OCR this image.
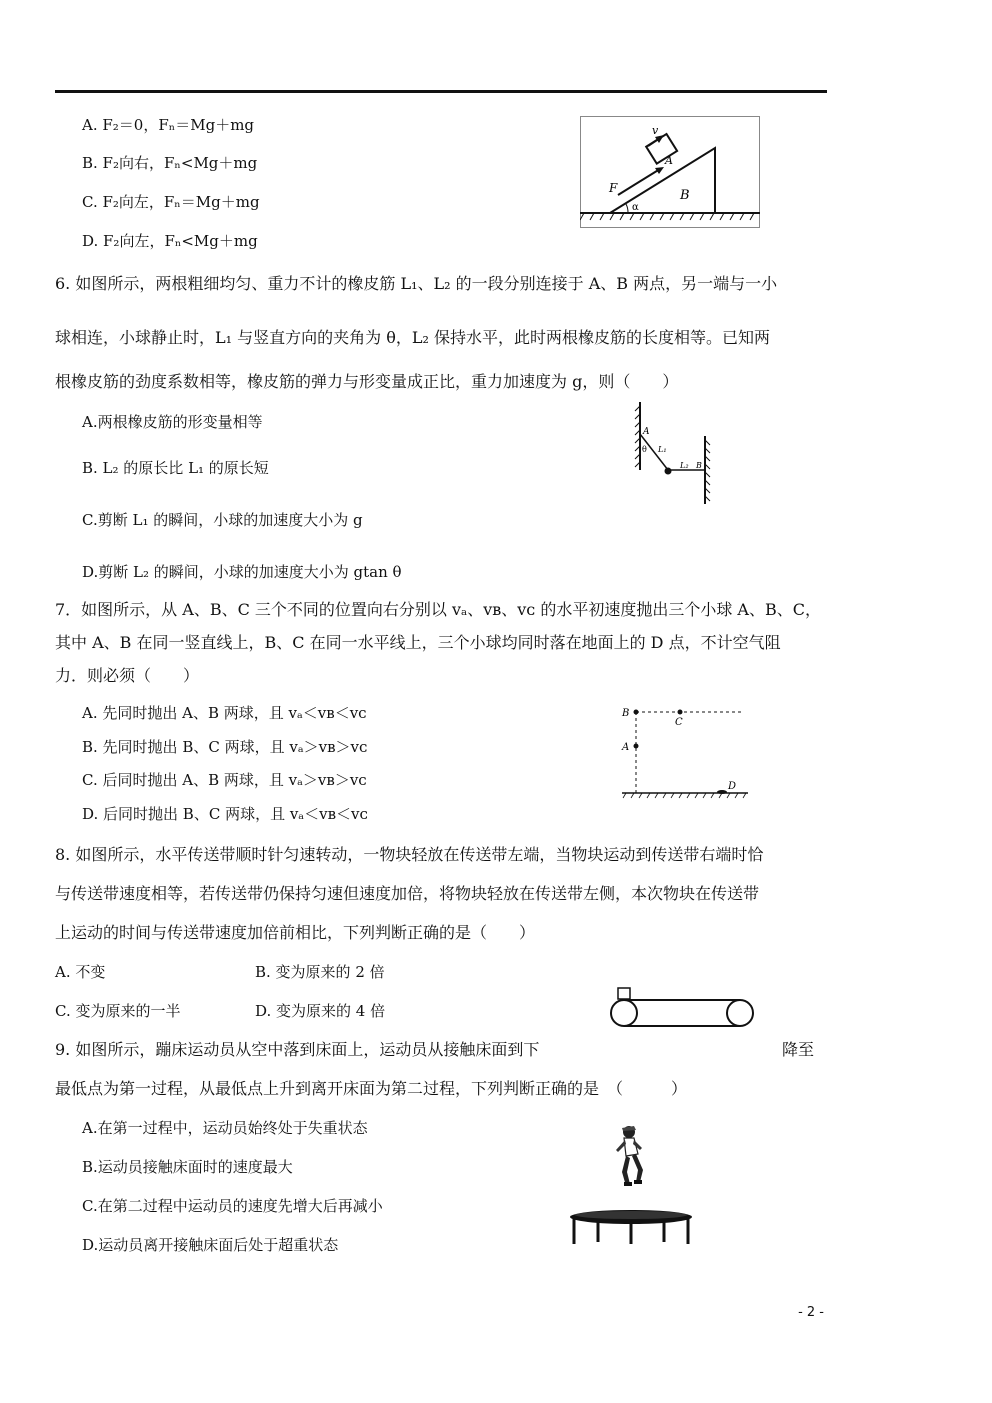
A. F₂＝0，Fₙ＝Mg＋mg
B. F₂向右，Fₙ<Mg＋mg
C. F₂向左，Fₙ＝Mg＋mg
D. F₂向左，Fₙ<Mg＋mg
v
F
A
B
α
6. 如图所示，两根粗细均匀、重力不计的橡皮筋 L₁、L₂ 的一段分别连接于 A、B 两点，另一端与一小
球相连，小球静止时，L₁ 与竖直方向的夹角为 θ，L₂ 保持水平，此时两根橡皮筋的长度相等。已知两
根橡皮筋的劲度系数相等，橡皮筋的弹力与形变量成正比，重力加速度为 g，则（　　）
A.两根橡皮筋的形变量相等
B. L₂ 的原长比 L₁ 的原长短
C.剪断 L₁ 的瞬间，小球的加速度大小为 g
D.剪断 L₂ 的瞬间，小球的加速度大小为 gtan θ
A
θ L₁
L₂ B
7．如图所示，从 A、B、C 三个不同的位置向右分别以 vₐ、vʙ、vᴄ 的水平初速度抛出三个小球 A、B、C，
其中 A、B 在同一竖直线上，B、C 在同一水平线上，三个小球均同时落在地面上的 D 点，不计空气阻
力．则必须（　　）
A. 先同时抛出 A、B 两球，且 vₐ＜vʙ＜vᴄ
B. 先同时抛出 B、C 两球，且 vₐ＞vʙ＞vᴄ
C. 后同时抛出 A、B 两球，且 vₐ＞vʙ＞vᴄ
D. 后同时抛出 B、C 两球，且 vₐ＜vʙ＜vᴄ
B
C
A
D
8. 如图所示，水平传送带顺时针匀速转动，一物块轻放在传送带左端，当物块运动到传送带右端时恰
与传送带速度相等，若传送带仍保持匀速但速度加倍，将物块轻放在传送带左侧，本次物块在传送带
上运动的时间与传送带速度加倍前相比，下列判断正确的是（　　）
A. 不变	B. 变为原来的 2 倍
C. 变为原来的一半	D. 变为原来的 4 倍
9. 如图所示，蹦床运动员从空中落到床面上，运动员从接触床面到下	降至
最低点为第一过程，从最低点上升到离开床面为第二过程，下列判断正确的是　（　　　）
A.在第一过程中，运动员始终处于失重状态
B.运动员接触床面时的速度最大
C.在第二过程中运动员的速度先增大后再减小
D.运动员离开接触床面后处于超重状态
- 2 -
